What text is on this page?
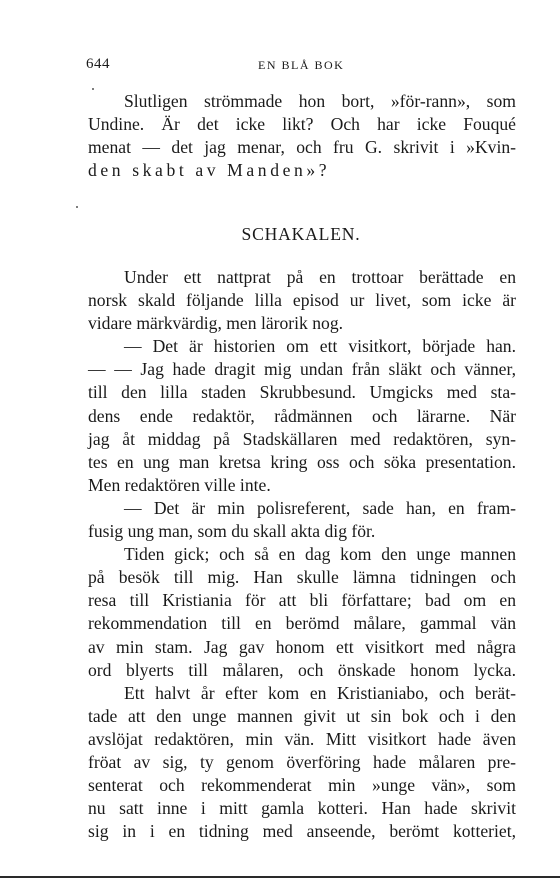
644	EN BLÅ BOK
Slutligen strömmade hon bort, »för-rann», som
Undine. Är det icke likt? Och har icke Fouqué
menat — det jag menar, och fru G. skrivit i »Kvin-
den skabt av Manden»?
SCHAKALEN.
Under ett nattprat på en trottoar berättade en
norsk skald följande lilla episod ur livet, som icke är
vidare märkvärdig, men lärorik nog.
— Det är historien om ett visitkort, började han.
— — Jag hade dragit mig undan från släkt och vänner,
till den lilla staden Skrubbesund. Umgicks med sta-
dens ende redaktör, rådmännen och lärarne. När
jag åt middag på Stadskällaren med redaktören, syn-
tes en ung man kretsa kring oss och söka presentation.
Men redaktören ville inte.
— Det är min polisreferent, sade han, en fram-
fusig ung man, som du skall akta dig för.
Tiden gick; och så en dag kom den unge mannen
på besök till mig. Han skulle lämna tidningen och
resa till Kristiania för att bli författare; bad om en
rekommendation till en berömd målare, gammal vän
av min stam. Jag gav honom ett visitkort med några
ord blyerts till målaren, och önskade honom lycka.
Ett halvt år efter kom en Kristianiabo, och berät-
tade att den unge mannen givit ut sin bok och i den
avslöjat redaktören, min vän. Mitt visitkort hade även
fröat av sig, ty genom överföring hade målaren pre-
senterat och rekommenderat min »unge vän», som
nu satt inne i mitt gamla kotteri. Han hade skrivit
sig in i en tidning med anseende, berömt kotteriet,
